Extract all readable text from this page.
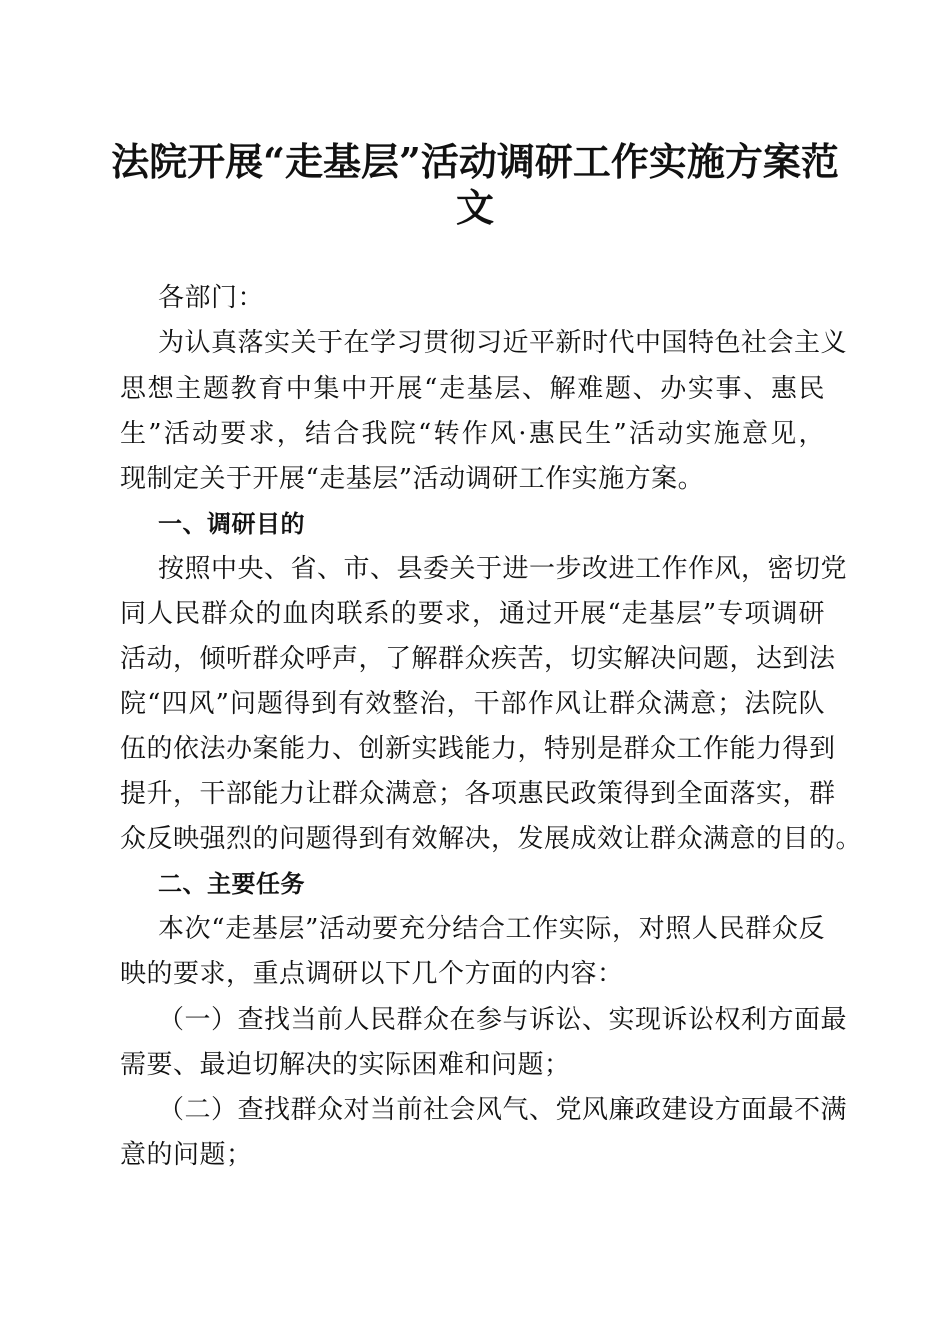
法院开展“走基层”活动调研工作实施方案范
文
各部门：
为认真落实关于在学习贯彻习近平新时代中国特色社会主义
思想主题教育中集中开展“走基层、解难题、办实事、惠民
生”活动要求，结合我院“转作风·惠民生”活动实施意见，
现制定关于开展“走基层”活动调研工作实施方案。
一、调研目的
按照中央、省、市、县委关于进一步改进工作作风，密切党
同人民群众的血肉联系的要求，通过开展“走基层”专项调研
活动，倾听群众呼声，了解群众疾苦，切实解决问题，达到法
院“四风”问题得到有效整治，干部作风让群众满意；法院队
伍的依法办案能力、创新实践能力，特别是群众工作能力得到
提升，干部能力让群众满意；各项惠民政策得到全面落实，群
众反映强烈的问题得到有效解决，发展成效让群众满意的目的。
二、主要任务
本次“走基层”活动要充分结合工作实际，对照人民群众反
映的要求，重点调研以下几个方面的内容：
（一）查找当前人民群众在参与诉讼、实现诉讼权利方面最
需要、最迫切解决的实际困难和问题；
（二）查找群众对当前社会风气、党风廉政建设方面最不满
意的问题；
